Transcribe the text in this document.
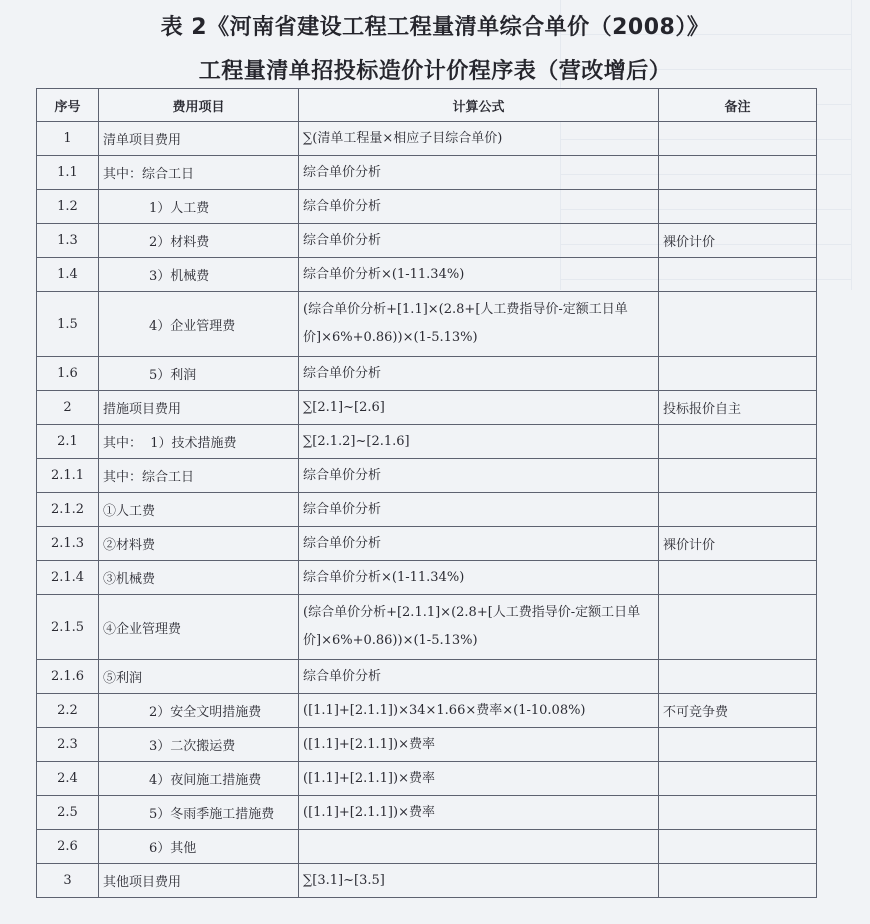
表 2《河南省建设工程工程量清单综合单价（2008）》
工程量清单招投标造价计价程序表（营改增后）
序号	费用项目	计算公式	备注
1	清单项目费用	∑(清单工程量×相应子目综合单价)	
1.1	其中：综合工日	综合单价分析	
1.2	1）人工费	综合单价分析	
1.3	2）材料费	综合单价分析	裸价计价
1.4	3）机械费	综合单价分析×(1-11.34%)	
1.5	4）企业管理费	(综合单价分析+[1.1]×(2.8+[人工费指导价-定额工日单价]×6%+0.86))×(1-5.13%)	
1.6	5）利润	综合单价分析	
2	措施项目费用	∑[2.1]~[2.6]	投标报价自主
2.1	其中：  1）技术措施费	∑[2.1.2]~[2.1.6]	
2.1.1	其中：综合工日	综合单价分析	
2.1.2	①人工费	综合单价分析	
2.1.3	②材料费	综合单价分析	裸价计价
2.1.4	③机械费	综合单价分析×(1-11.34%)	
2.1.5	④企业管理费	(综合单价分析+[2.1.1]×(2.8+[人工费指导价-定额工日单价]×6%+0.86))×(1-5.13%)	
2.1.6	⑤利润	综合单价分析	
2.2	2）安全文明措施费	([1.1]+[2.1.1])×34×1.66×费率×(1-10.08%)	不可竞争费
2.3	3）二次搬运费	([1.1]+[2.1.1])×费率	
2.4	4）夜间施工措施费	([1.1]+[2.1.1])×费率	
2.5	5）冬雨季施工措施费	([1.1]+[2.1.1])×费率	
2.6	6）其他		
3	其他项目费用	∑[3.1]~[3.5]	
